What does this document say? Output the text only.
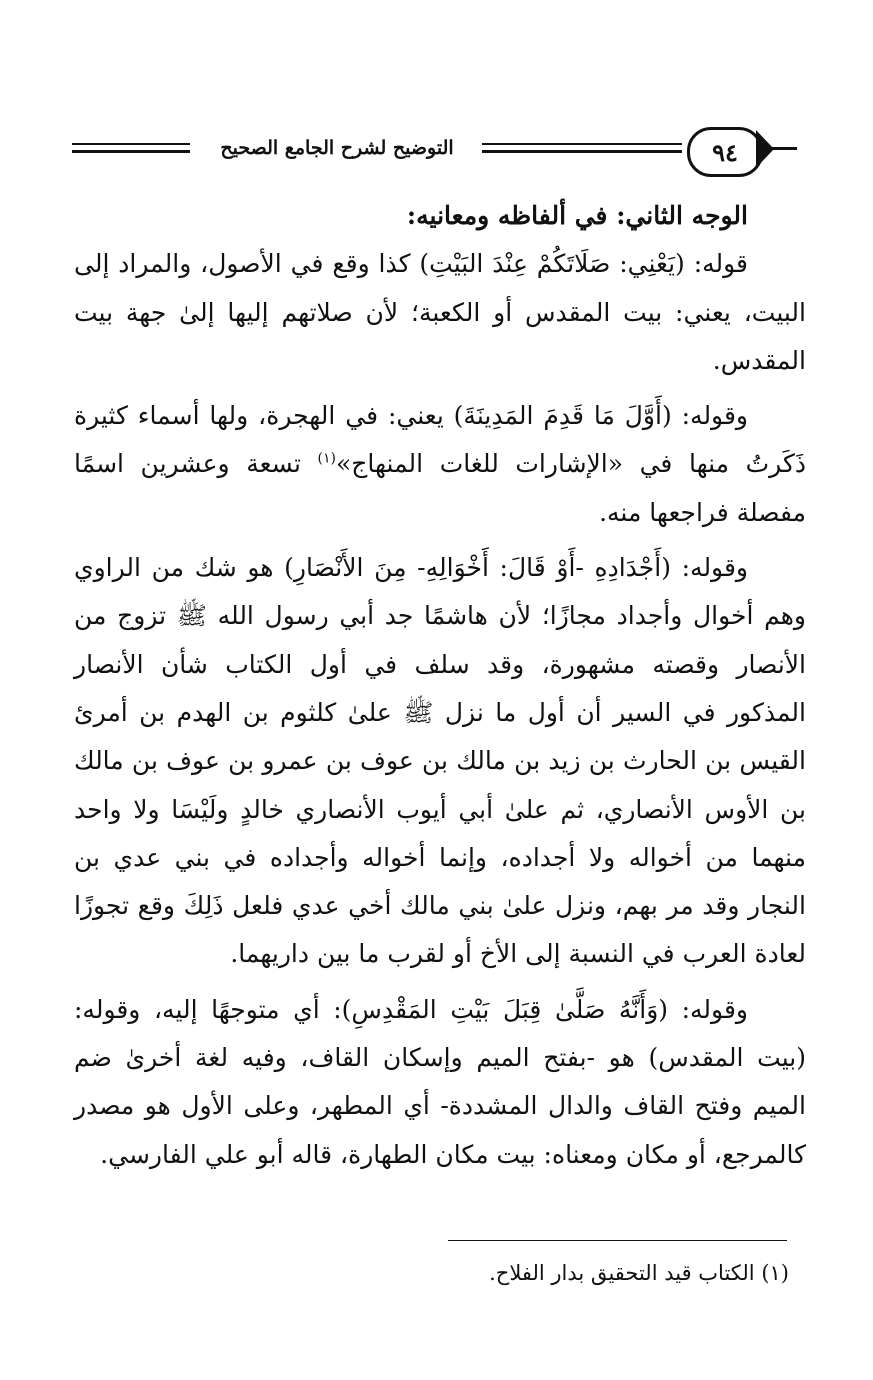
التوضيح لشرح الجامع الصحيح	٩٤
الوجه الثاني: في ألفاظه ومعانيه:

قوله: (يَعْنِي: صَلَاتَكُمْ عِنْدَ البَيْتِ) كذا وقع في الأصول، والمراد إلى البيت، يعني: بيت المقدس أو الكعبة؛ لأن صلاتهم إليها إلىٰ جهة بيت المقدس.

وقوله: (أَوَّلَ مَا قَدِمَ المَدِينَةَ) يعني: في الهجرة، ولها أسماء كثيرة ذَكَرتُ منها في «الإشارات للغات المنهاج»$^{(١)}$ تسعة وعشرين اسمًا مفصلة فراجعها منه.

وقوله: (أَجْدَادِهِ -أَوْ قَالَ: أَخْوَالِهِ- مِنَ الأَنْصَارِ) هو شك من الراوي وهم أخوال وأجداد مجازًا؛ لأن هاشمًا جد أبي رسول الله ﷺ تزوج من الأنصار وقصته مشهورة، وقد سلف في أول الكتاب شأن الأنصار المذكور في السير أن أول ما نزل ﷺ علىٰ كلثوم بن الهدم بن أمرئ القيس بن الحارث بن زيد بن مالك بن عوف بن عمرو بن عوف بن مالك بن الأوس الأنصاري، ثم علىٰ أبي أيوب الأنصاري خالدٍ ولَيْسَا ولا واحد منهما من أخواله ولا أجداده، وإنما أخواله وأجداده في بني عدي بن النجار وقد مر بهم، ونزل علىٰ بني مالك أخي عدي فلعل ذَلِكَ وقع تجوزًا لعادة العرب في النسبة إلى الأخ أو لقرب ما بين داريهما.

وقوله: (وَأَنَّهُ صَلَّىٰ قِبَلَ بَيْتِ المَقْدِسِ): أي متوجهًا إليه، وقوله: (بيت المقدس) هو -بفتح الميم وإسكان القاف، وفيه لغة أخرىٰ ضم الميم وفتح القاف والدال المشددة- أي المطهر، وعلى الأول هو مصدر كالمرجع، أو مكان ومعناه: بيت مكان الطهارة، قاله أبو علي الفارسي.

(١) الكتاب قيد التحقيق بدار الفلاح.
